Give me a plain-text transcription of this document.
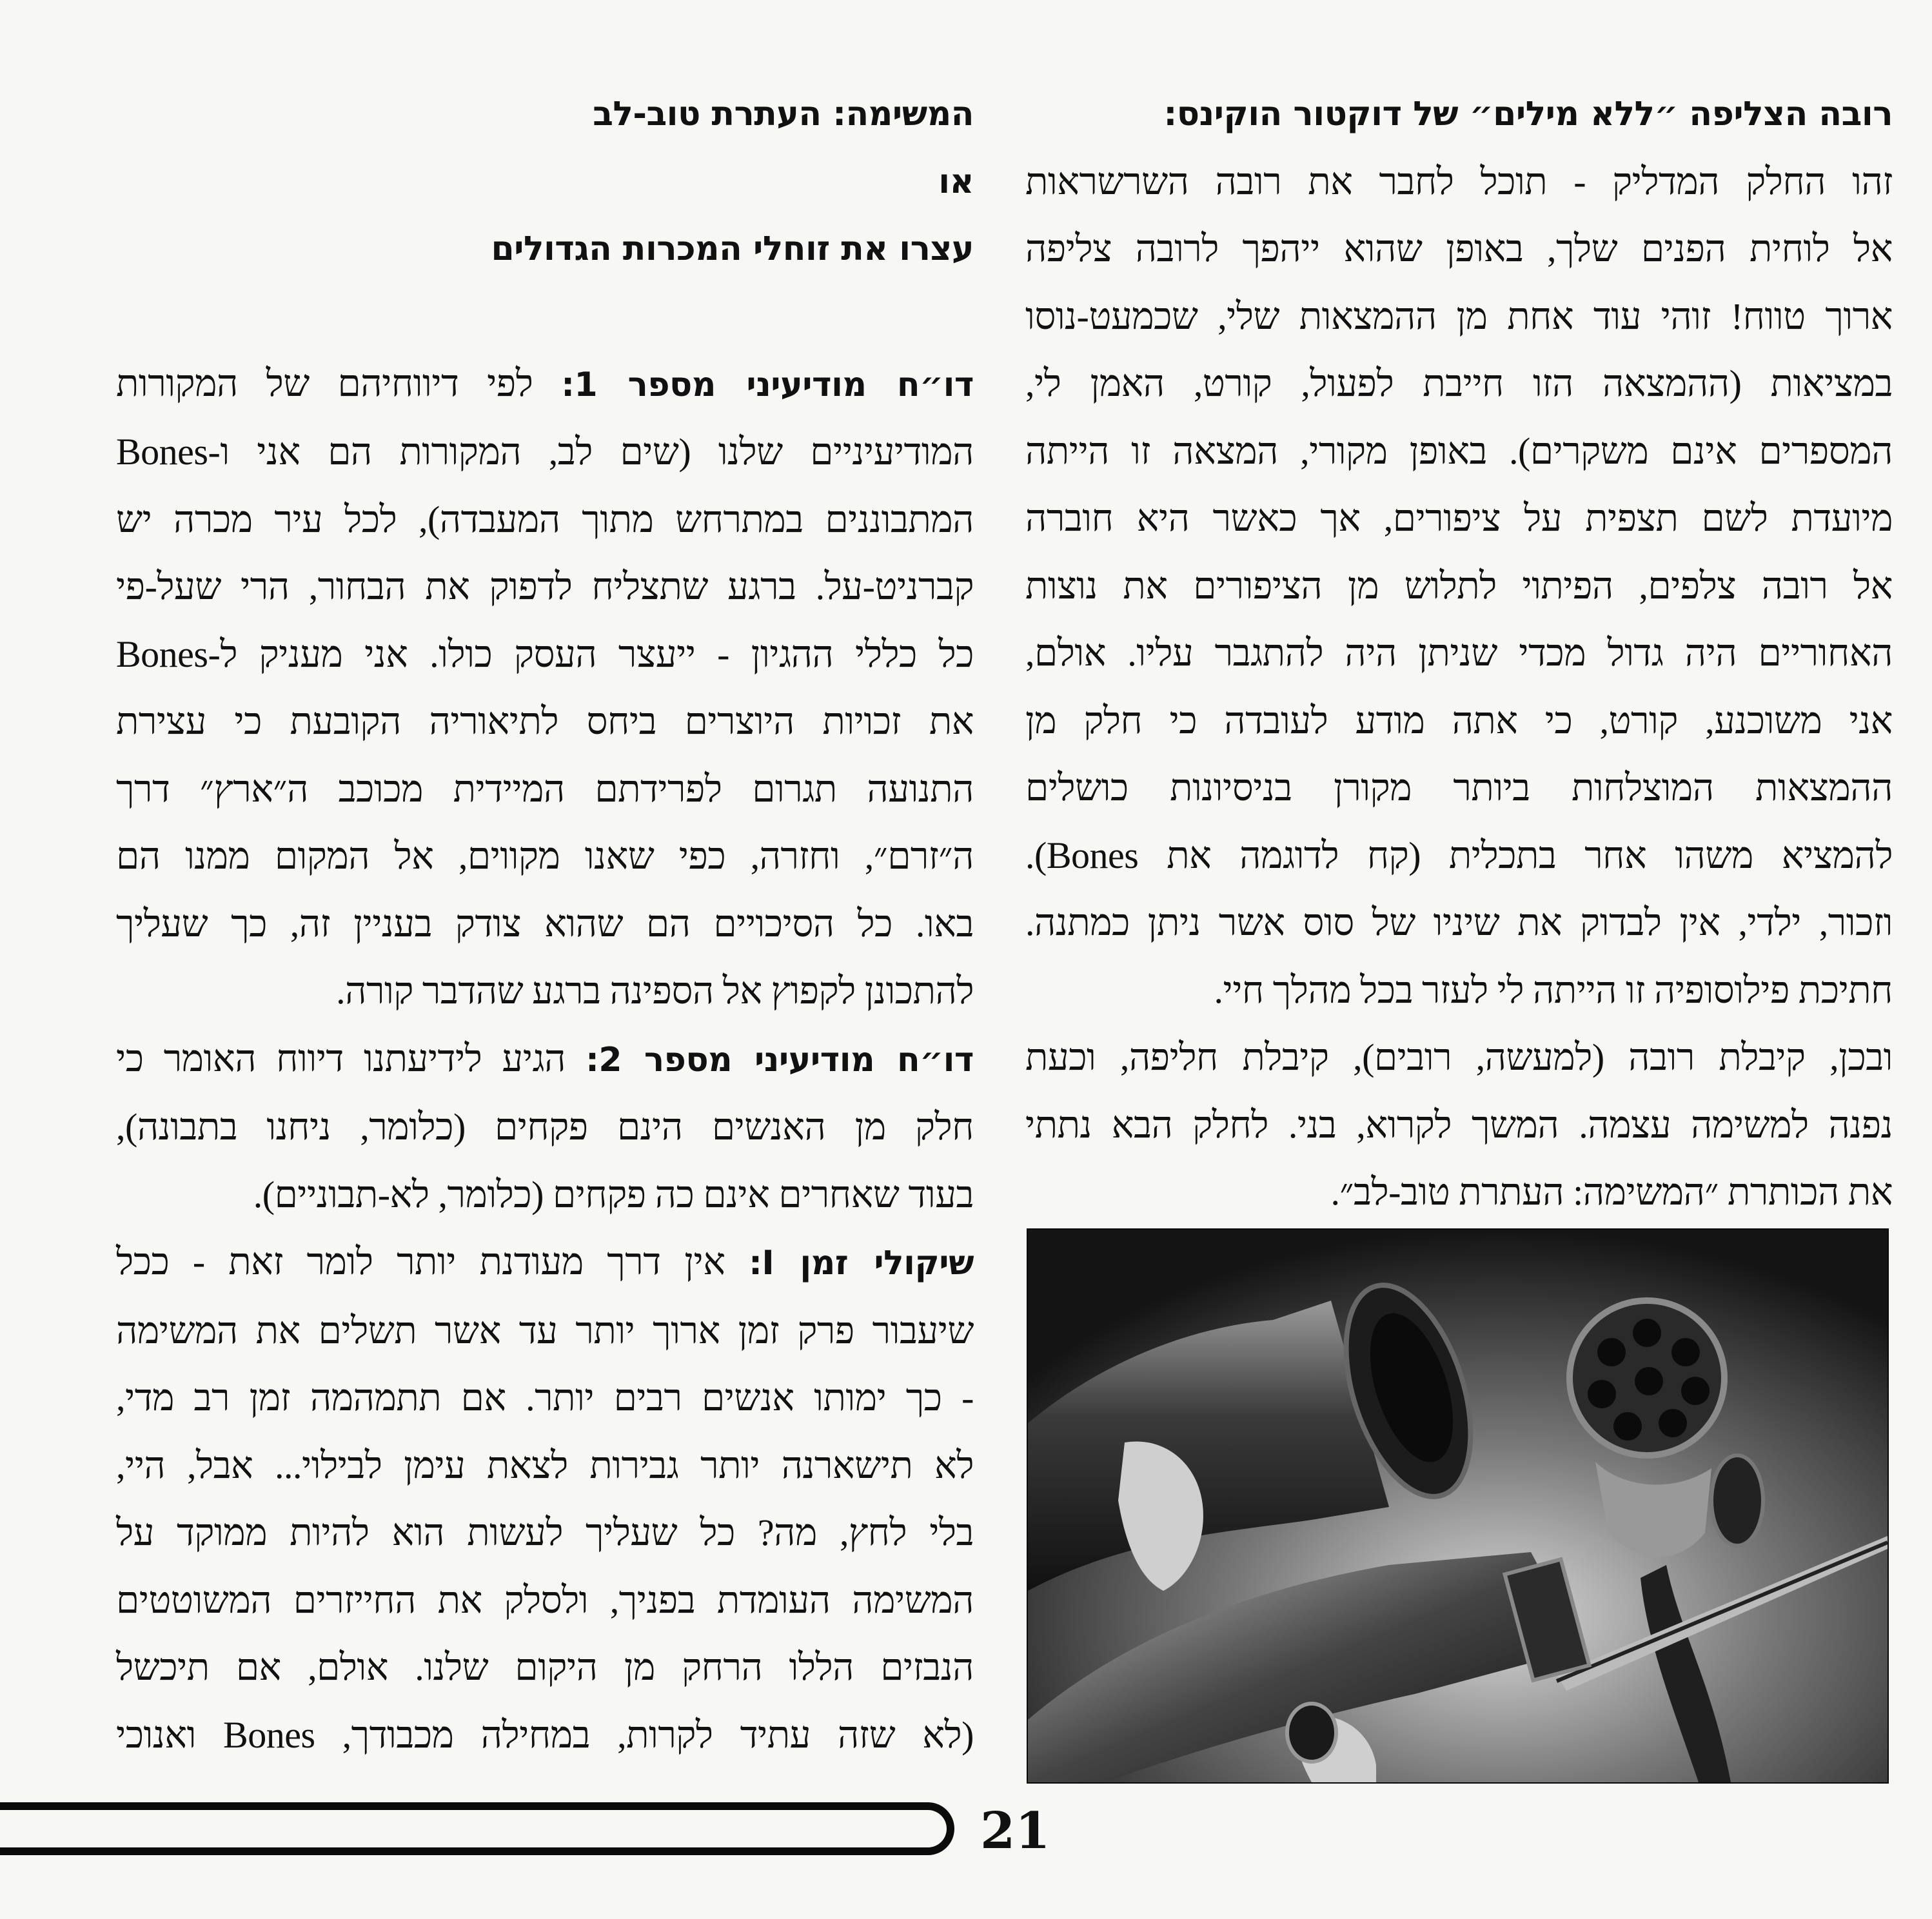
רובה הצליפה ״ללא מילים״ של דוקטור הוקינס:
זהו החלק המדליק - תוכל לחבר את רובה השרשראות
אל לוחית הפנים שלך, באופן שהוא ייהפך לרובה צליפה
ארוך טווח! זוהי עוד אחת מן ההמצאות שלי, שכמעט-נוסו
במציאות (ההמצאה הזו חייבת לפעול, קורט, האמן לי,
המספרים אינם משקרים). באופן מקורי, המצאה זו הייתה
מיועדת לשם תצפית על ציפורים, אך כאשר היא חוברה
אל רובה צלפים, הפיתוי לתלוש מן הציפורים את נוצות
האחוריים היה גדול מכדי שניתן היה להתגבר עליו. אולם,
אני משוכנע, קורט, כי אתה מודע לעובדה כי חלק מן
ההמצאות המוצלחות ביותר מקורן בניסיונות כושלים
להמציא משהו אחר בתכלית (קח לדוגמה את Bones).
וזכור, ילדי, אין לבדוק את שיניו של סוס אשר ניתן כמתנה.
חתיכת פילוסופיה זו הייתה לי לעזר בכל מהלך חיי.
ובכן, קיבלת רובה (למעשה, רובים), קיבלת חליפה, וכעת
נפנה למשימה עצמה. המשך לקרוא, בני. לחלק הבא נתתי
את הכותרת ״המשימה: העתרת טוב-לב״.
המשימה: העתרת טוב-לב
או
עצרו את זוחלי המכרות הגדולים
דו״ח מודיעיני מספר 1: לפי דיווחיהם של המקורות
המודיעיניים שלנו (שים לב, המקורות הם אני ו-Bones
המתבוננים במתרחש מתוך המעבדה), לכל עיר מכרה יש
קברניט-על. ברגע שתצליח לדפוק את הבחור, הרי שעל-פי
כל כללי ההגיון - ייעצר העסק כולו. אני מעניק ל-Bones
את זכויות היוצרים ביחס לתיאוריה הקובעת כי עצירת
התנועה תגרום לפרידתם המיידית מכוכב ה״ארץ״ דרך
ה״זרם״, וחזרה, כפי שאנו מקווים, אל המקום ממנו הם
באו. כל הסיכויים הם שהוא צודק בעניין זה, כך שעליך
להתכונן לקפוץ אל הספינה ברגע שהדבר קורה.
דו״ח מודיעיני מספר 2: הגיע לידיעתנו דיווח האומר כי
חלק מן האנשים הינם פקחים (כלומר, ניחנו בתבונה),
בעוד שאחרים אינם כה פקחים (כלומר, לא-תבוניים).
שיקולי זמן I: אין דרך מעודנת יותר לומר זאת - ככל
שיעבור פרק זמן ארוך יותר עד אשר תשלים את המשימה
- כך ימותו אנשים רבים יותר. אם תתמהמה זמן רב מדי,
לא תישארנה יותר גבירות לצאת עימן לבילוי... אבל, היי,
בלי לחץ, מה? כל שעליך לעשות הוא להיות ממוקד על
המשימה העומדת בפניך, ולסלק את החייזרים המשוטטים
הנבזים הללו הרחק מן היקום שלנו. אולם, אם תיכשל
(לא שזה עתיד לקרות, במחילה מכבודך, Bones ואנוכי
21
